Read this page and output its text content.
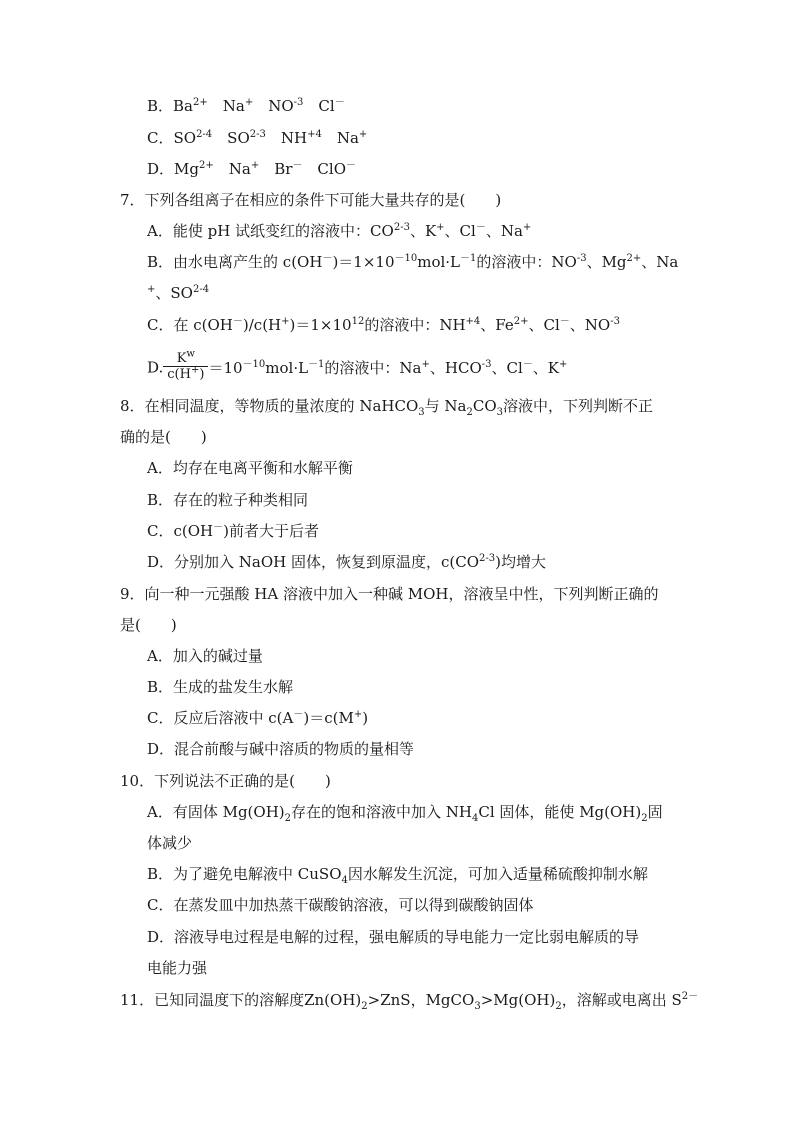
B．$Ba^{2+}$　Na+　$NO^{-3}$　Cl－
C．SO$^{2-4}$　SO$^{2-3}$　$NH^{+4}$　Na+
D．$Mg^{2+}$　Na+　Br－　ClO－
7．下列各组离子在相应的条件下可能大量共存的是(　　)
A．能使 pH 试纸变红的溶液中：CO$^{2-3}$、K+、Cl－、Na+
B．由水电离产生的 $c(OH^-)=1\times 10^{-10}mol\cdot L^{-1}$的溶液中：$NO^{-3}$、$Mg^{2+}$、Na
+、SO$^{2-4}$
C．在 $c(OH^-)/c(H^+)=1\times 10^{12}$的溶液中：$NH^{+4}$、$Fe^{2+}$、Cl－、$NO^{-3}$
D. $\frac{K^w}{c(H^+)} =10^{-10}mol\cdot L^{-1}$的溶液中：Na+、$HCO^{-3}$、Cl－、K+
8．在相同温度，等物质的量浓度的 NaHCO$_3$与 $Na_2CO_3$溶液中，下列判断不正
确的是(　　)
A．均存在电离平衡和水解平衡
B．存在的粒子种类相同
C．c(OH－)前者大于后者
D．分别加入 NaOH 固体，恢复到原温度，c(CO$^{2-3}$)均增大
9．向一种一元强酸 HA 溶液中加入一种碱 MOH，溶液呈中性，下列判断正确的
是(　　)
A．加入的碱过量
B．生成的盐发生水解
C．反应后溶液中 c(A－)＝c(M+)
D．混合前酸与碱中溶质的物质的量相等
10．下列说法不正确的是(　　)
A．有固体 $Mg(OH)_2$存在的饱和溶液中加入 $NH_4Cl$ 固体，能使 $Mg(OH)_2$固
体减少
B．为了避免电解液中 CuSO$_4$因水解发生沉淀，可加入适量稀硫酸抑制水解
C．在蒸发皿中加热蒸干碳酸钠溶液，可以得到碳酸钠固体
D．溶液导电过程是电解的过程，强电解质的导电能力一定比弱电解质的导
电能力强
11．已知同温度下的溶解度$Zn(OH)_2>ZnS$，$MgCO_3>Mg(OH)_2$，溶解或电离出 $S^{2-}$
